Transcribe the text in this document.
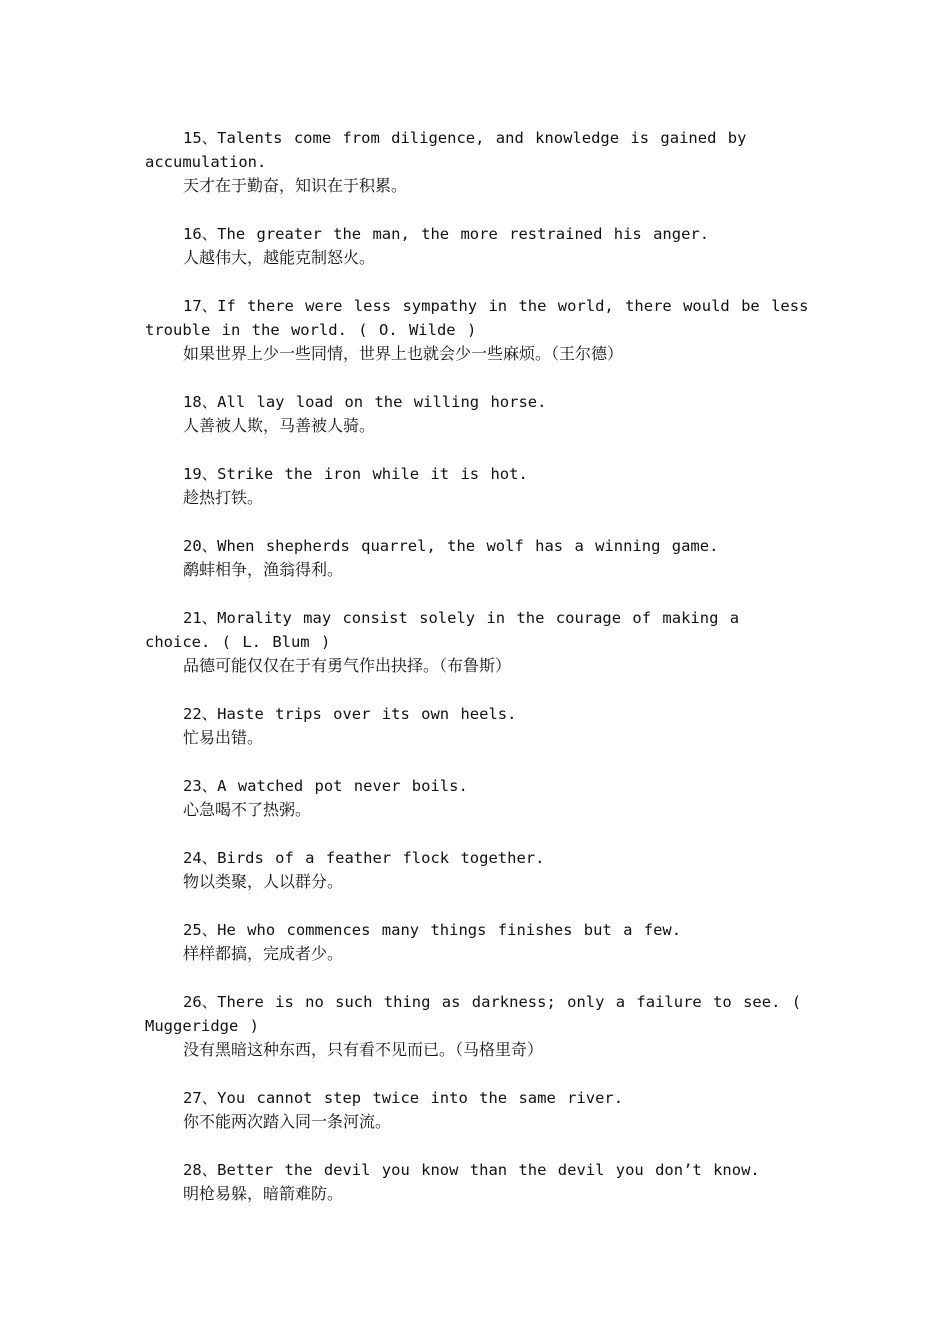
15、Talents come from diligence, and knowledge is gained by accumulation.

天才在于勤奋，知识在于积累。

16、The greater the man, the more restrained his anger.

人越伟大，越能克制怒火。

17、If there were less sympathy in the world, there would be less trouble in the world. ( O. Wilde )

如果世界上少一些同情，世界上也就会少一些麻烦。（王尔德）

18、All lay load on the willing horse.

人善被人欺，马善被人骑。

19、Strike the iron while it is hot.

趁热打铁。

20、When shepherds quarrel, the wolf has a winning game.

鹬蚌相争，渔翁得利。

21、Morality may consist solely in the courage of making a choice. ( L. Blum )

品德可能仅仅在于有勇气作出抉择。（布鲁斯）

22、Haste trips over its own heels.

忙易出错。

23、A watched pot never boils.

心急喝不了热粥。

24、Birds of a feather flock together.

物以类聚，人以群分。

25、He who commences many things finishes but a few.

样样都搞，完成者少。

26、There is no such thing as darkness; only a failure to see. ( Muggeridge )

没有黑暗这种东西，只有看不见而已。（马格里奇）

27、You cannot step twice into the same river.

你不能两次踏入同一条河流。

28、Better the devil you know than the devil you don’t know.

明枪易躲，暗箭难防。
